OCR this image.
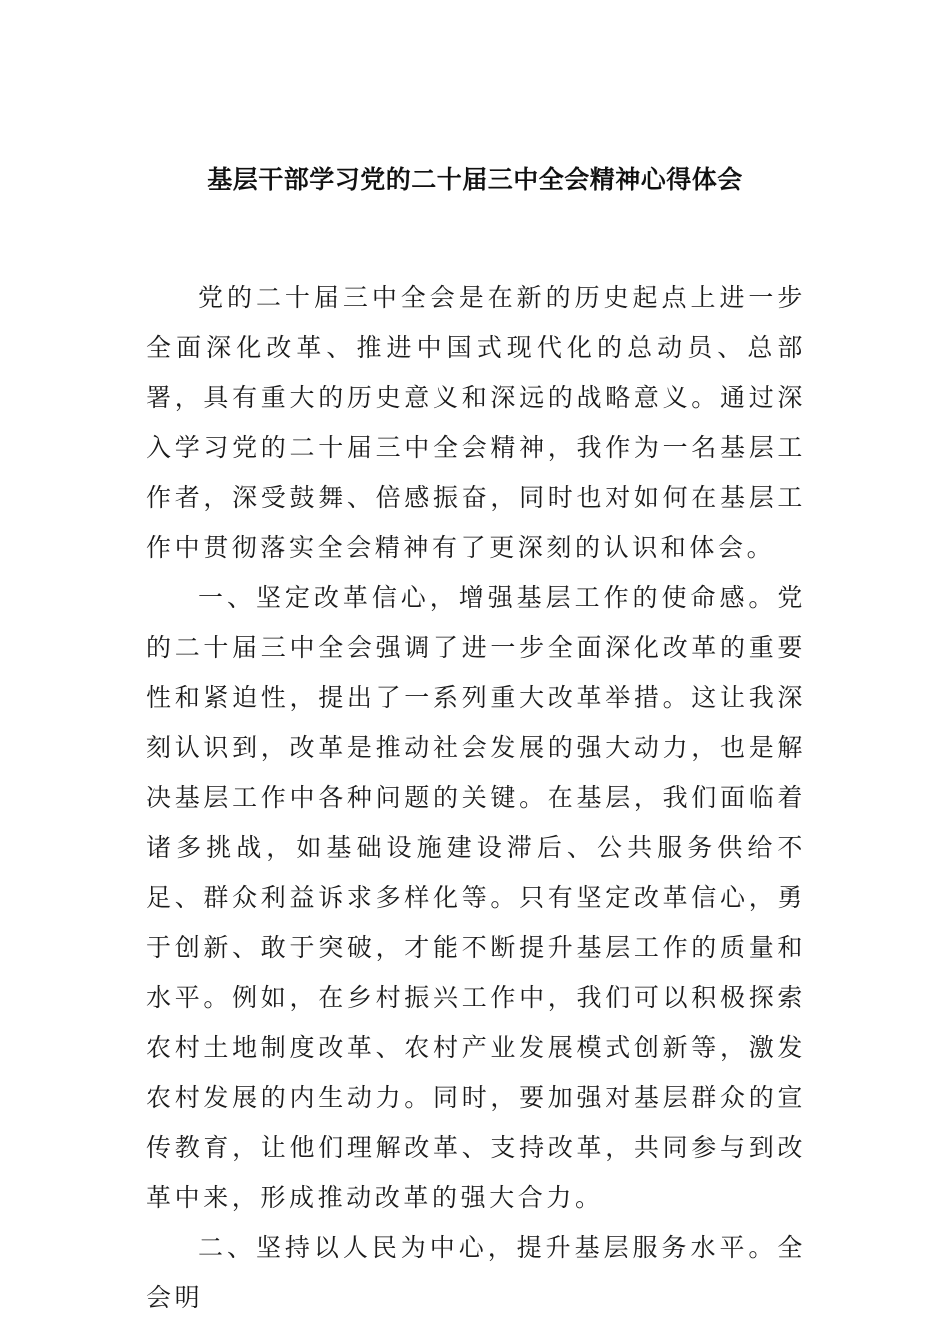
基层干部学习党的二十届三中全会精神心得体会

党的二十届三中全会是在新的历史起点上进一步全面深化改革、推进中国式现代化的总动员、总部署，具有重大的历史意义和深远的战略意义。通过深入学习党的二十届三中全会精神，我作为一名基层工作者，深受鼓舞、倍感振奋，同时也对如何在基层工作中贯彻落实全会精神有了更深刻的认识和体会。

一、坚定改革信心，增强基层工作的使命感。党的二十届三中全会强调了进一步全面深化改革的重要性和紧迫性，提出了一系列重大改革举措。这让我深刻认识到，改革是推动社会发展的强大动力，也是解决基层工作中各种问题的关键。在基层，我们面临着诸多挑战，如基础设施建设滞后、公共服务供给不足、群众利益诉求多样化等。只有坚定改革信心，勇于创新、敢于突破，才能不断提升基层工作的质量和水平。例如，在乡村振兴工作中，我们可以积极探索农村土地制度改革、农村产业发展模式创新等，激发农村发展的内生动力。同时，要加强对基层群众的宣传教育，让他们理解改革、支持改革，共同参与到改革中来，形成推动改革的强大合力。

二、坚持以人民为中心，提升基层服务水平。全会明
